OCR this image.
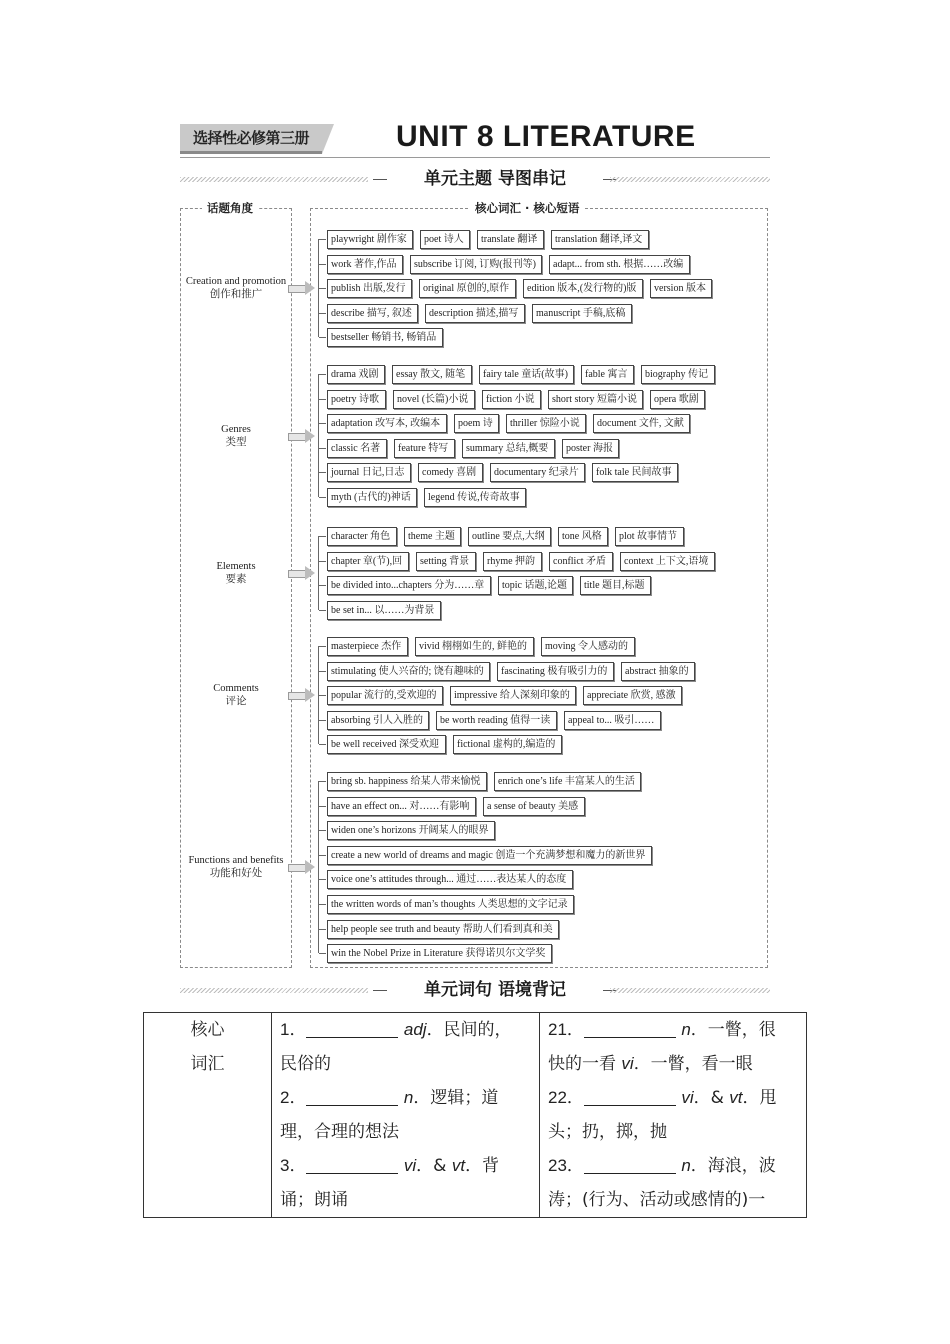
选择性必修第三册	UNIT 8 LITERATURE
单元主题 导图串记
话题角度	核心词汇 · 核心短语
Creation and promotion
创作和推广
playwright 剧作家	poet 诗人	translate 翻译	translation 翻译,译文
work 著作,作品	subscribe 订阅, 订购(报刊等)	adapt... from sth. 根据……改编
publish 出版,发行	original 原创的,原作	edition 版本,(发行物的)版	version 版本
describe 描写, 叙述	description 描述,描写	manuscript 手稿,底稿
bestseller 畅销书, 畅销品
Genres
类型
drama 戏剧	essay 散文, 随笔	fairy tale 童话(故事)	fable 寓言	biography 传记
poetry 诗歌	novel (长篇)小说	fiction 小说	short story 短篇小说	opera 歌剧
adaptation 改写本, 改编本	poem 诗	thriller 惊险小说	document 文件, 文献
classic 名著	feature 特写	summary 总结,概要	poster 海报
journal 日记,日志	comedy 喜剧	documentary 纪录片	folk tale 民间故事
myth (古代的)神话	legend 传说,传奇故事
Elements
要素
character 角色	theme 主题	outline 要点,大纲	tone 风格	plot 故事情节
chapter 章(节),回	setting 背景	rhyme 押韵	conflict 矛盾	context 上下文,语境
be divided into...chapters 分为……章	topic 话题,论题	title 题目,标题
be set in... 以……为背景
Comments
评论
masterpiece 杰作	vivid 栩栩如生的, 鲜艳的	moving 令人感动的
stimulating 使人兴奋的; 饶有趣味的	fascinating 极有吸引力的	abstract 抽象的
popular 流行的,受欢迎的	impressive 给人深刻印象的	appreciate 欣赏, 感激
absorbing 引人入胜的	be worth reading 值得一读	appeal to... 吸引……
be well received 深受欢迎	fictional 虚构的,编造的
Functions and benefits
功能和好处
bring sb. happiness 给某人带来愉悦	enrich one’s life 丰富某人的生活
have an effect on... 对……有影响	a sense of beauty 美感
widen one’s horizons 开阔某人的眼界
create a new world of dreams and magic 创造一个充满梦想和魔力的新世界
voice one’s attitudes through... 通过……表达某人的态度
the written words of man’s thoughts 人类思想的文字记录
help people see truth and beauty 帮助人们看到真和美
win the Nobel Prize in Literature 获得诺贝尔文学奖
单元词句 语境背记
核心
词汇

1．	adj．民间的，
民俗的
2．	n．逻辑；道
理，合理的想法
3．	vi．& vt．背
诵；朗诵

21．	n．一瞥，很
快的一看 vi．一瞥，看一眼
22．	vi．& vt．甩
头；扔，掷，抛
23．	n．海浪，波
涛；(行为、活动或感情的)一
